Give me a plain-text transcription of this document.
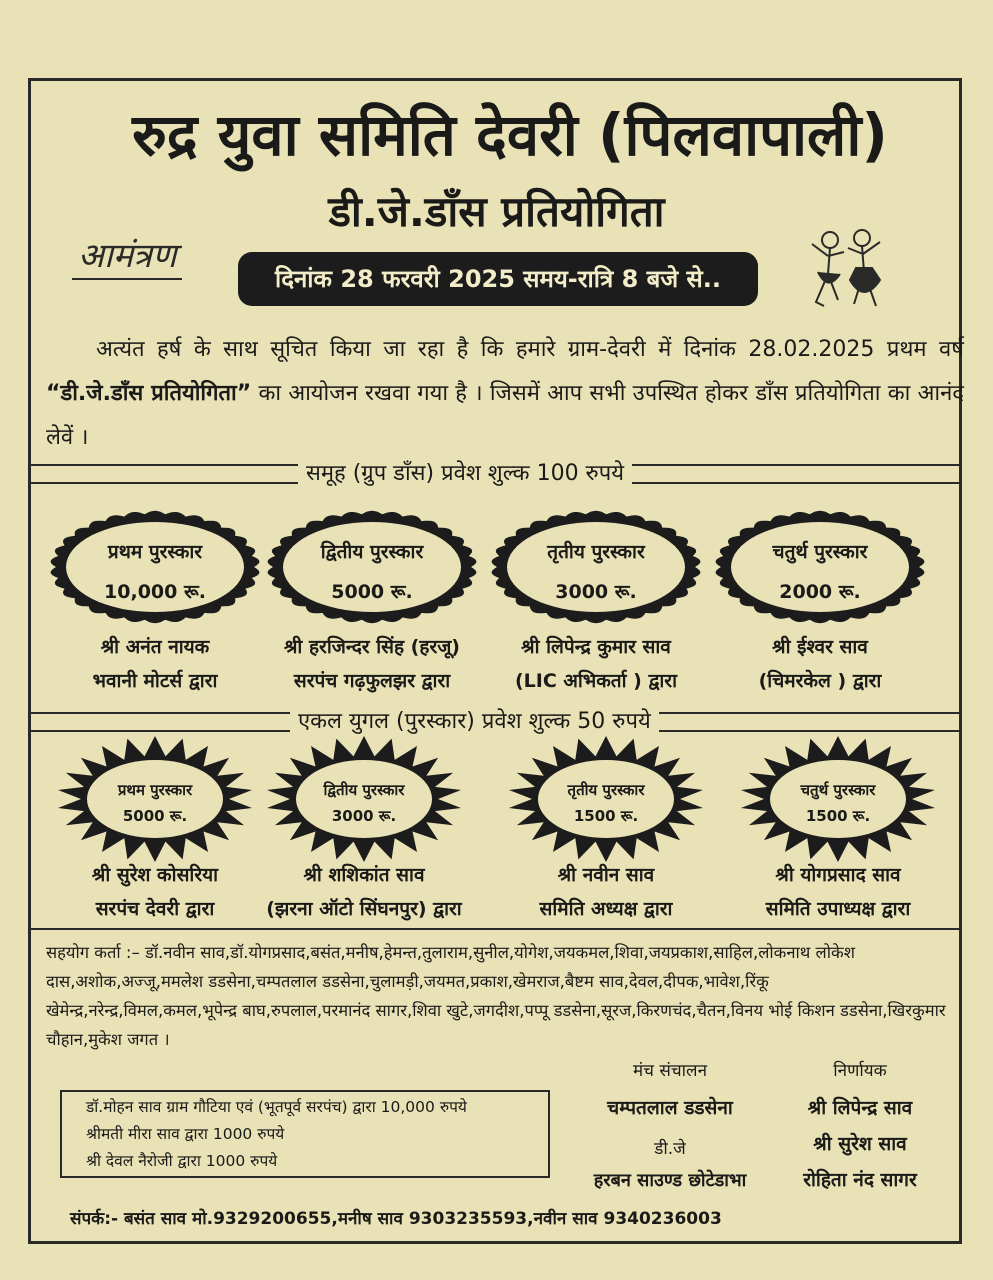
रुद्र युवा समिति देवरी (पिलवापाली)
डी.जे.डाँस प्रतियोगिता
आमंत्रण
दिनांक 28 फरवरी 2025 समय-रात्रि 8 बजे से..
अत्यंत हर्ष के साथ सूचित किया जा रहा है कि हमारे ग्राम-देवरी में दिनांक 28.02.2025 प्रथम वर्ष “डी.जे.डाँस प्रतियोगिता” का आयोजन रखवा गया है । जिसमें आप सभी उपस्थित होकर डाँस प्रतियोगिता का आनंद लेवें ।
समूह (ग्रुप डाँस) प्रवेश शुल्क 100 रुपये
प्रथम पुरस्कार
10,000 रू.
श्री अनंत नायक
भवानी मोटर्स द्वारा
द्वितीय पुरस्कार
5000 रू.
श्री हरजिन्दर सिंह (हरजू)
सरपंच गढ़फुलझर द्वारा
तृतीय पुरस्कार
3000 रू.
श्री लिपेन्द्र कुमार साव
(LIC अभिकर्ता ) द्वारा
चतुर्थ पुरस्कार
2000 रू.
श्री ईश्वर साव
(चिमरकेल ) द्वारा
एकल युगल (पुरस्कार) प्रवेश शुल्क 50 रुपये
प्रथम पुरस्कार
5000 रू.
श्री सुरेश कोसरिया
सरपंच देवरी द्वारा
द्वितीय पुरस्कार
3000 रू.
श्री शशिकांत साव
(झरना ऑटो सिंघनपुर) द्वारा
तृतीय पुरस्कार
1500 रू.
श्री नवीन साव
समिति अध्यक्ष द्वारा
चतुर्थ पुरस्कार
1500 रू.
श्री योगप्रसाद साव
समिति उपाध्यक्ष द्वारा
सहयोग कर्ता :– डॉ.नवीन साव,डॉ.योगप्रसाद,बसंत,मनीष,हेमन्त,तुलाराम,सुनील,योगेश,जयकमल,शिवा,जयप्रकाश,साहिल,लोकनाथ लोकेश दास,अशोक,अज्जू,ममलेश डडसेना,चम्पतलाल डडसेना,चुलामड़ी,जयमत,प्रकाश,खेमराज,बैष्टम साव,देवल,दीपक,भावेश,रिंकू खेमेन्द्र,नरेन्द्र,विमल,कमल,भूपेन्द्र बाघ,रुपलाल,परमानंद सागर,शिवा खुटे,जगदीश,पप्पू डडसेना,सूरज,किरणचंद,चैतन,विनय भोई किशन डडसेना,खिरकुमार चौहान,मुकेश जगत ।
डॉ.मोहन साव ग्राम गौटिया एवं (भूतपूर्व सरपंच) द्वारा 10,000 रुपये
श्रीमती मीरा साव द्वारा 1000 रुपये
श्री देवल नैरोजी द्वारा 1000 रुपये
मंच संचालन
चम्पतलाल डडसेना
डी.जे
हरबन साउण्ड छोटेडाभा
निर्णायक
श्री लिपेन्द्र साव
श्री सुरेश साव
रोहिता नंद सागर
संपर्क:- बसंत साव मो.9329200655,मनीष साव 9303235593,नवीन साव 9340236003
